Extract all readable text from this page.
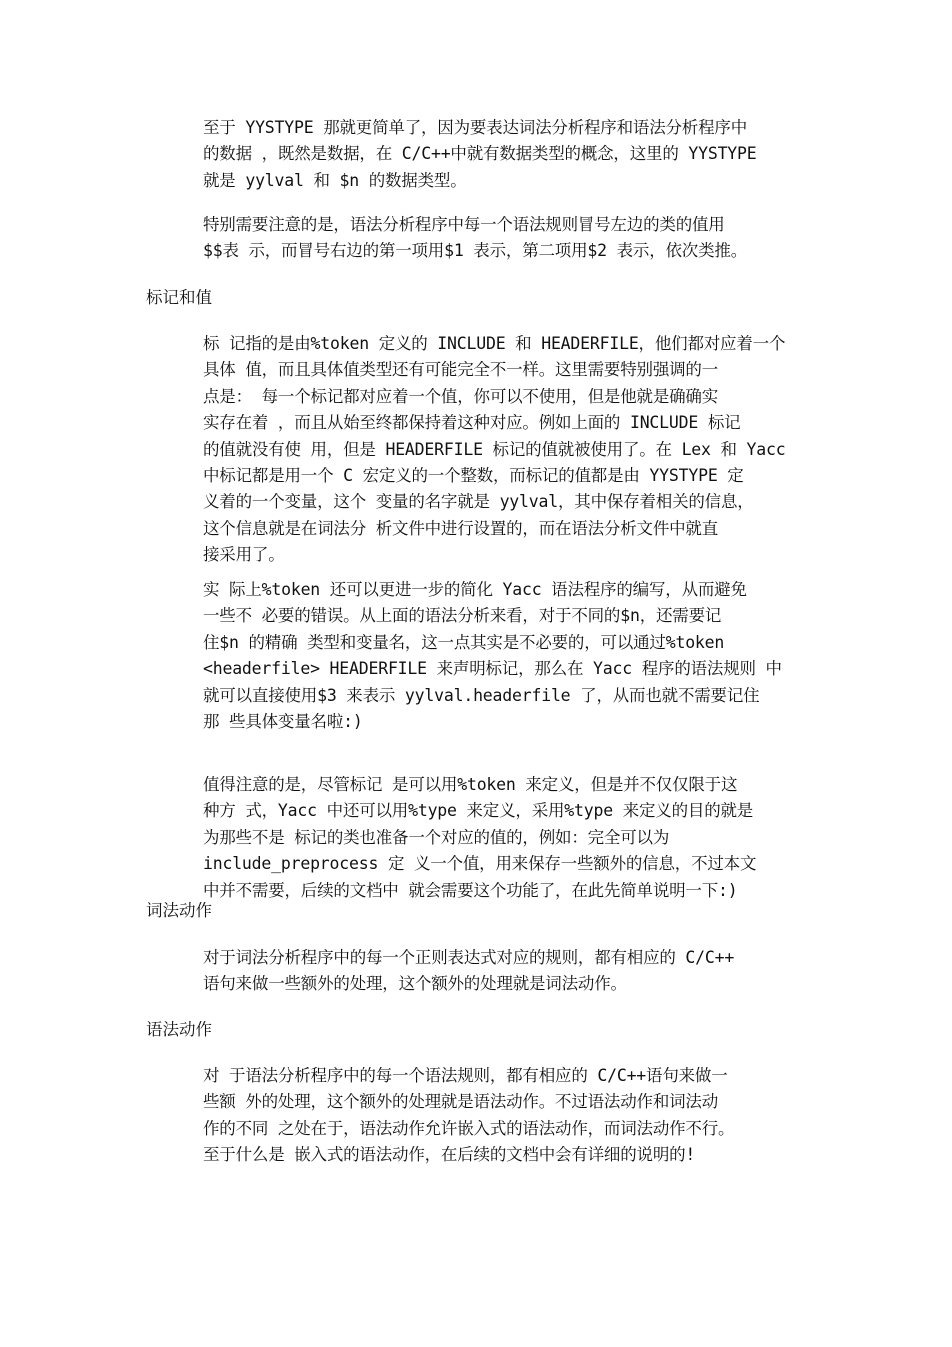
至于 YYSTYPE 那就更简单了，因为要表达词法分析程序和语法分析程序中
的数据 ，既然是数据，在 C/C++中就有数据类型的概念，这里的 YYSTYPE
就是 yylval 和 $n 的数据类型。
特别需要注意的是，语法分析程序中每一个语法规则冒号左边的类的值用
$$表 示，而冒号右边的第一项用$1 表示，第二项用$2 表示，依次类推。
标记和值
标 记指的是由%token 定义的 INCLUDE 和 HEADERFILE，他们都对应着一个
具体 值，而且具体值类型还有可能完全不一样。这里需要特别强调的一
点是： 每一个标记都对应着一个值，你可以不使用，但是他就是确确实
实存在着 ，而且从始至终都保持着这种对应。例如上面的 INCLUDE 标记
的值就没有使 用，但是 HEADERFILE 标记的值就被使用了。在 Lex 和 Yacc
中标记都是用一个 C 宏定义的一个整数，而标记的值都是由 YYSTYPE 定
义着的一个变量，这个 变量的名字就是 yylval，其中保存着相关的信息，
这个信息就是在词法分 析文件中进行设置的，而在语法分析文件中就直
接采用了。
实 际上%token 还可以更进一步的简化 Yacc 语法程序的编写，从而避免
一些不 必要的错误。从上面的语法分析来看，对于不同的$n，还需要记
住$n 的精确 类型和变量名，这一点其实是不必要的，可以通过%token
<headerfile> HEADERFILE 来声明标记，那么在 Yacc 程序的语法规则 中
就可以直接使用$3 来表示 yylval.headerfile 了，从而也就不需要记住
那 些具体变量名啦:)
值得注意的是，尽管标记 是可以用%token 来定义，但是并不仅仅限于这
种方 式，Yacc 中还可以用%type 来定义，采用%type 来定义的目的就是
为那些不是 标记的类也准备一个对应的值的，例如：完全可以为
include_preprocess 定 义一个值，用来保存一些额外的信息，不过本文
中并不需要，后续的文档中 就会需要这个功能了，在此先简单说明一下:)
词法动作
对于词法分析程序中的每一个正则表达式对应的规则，都有相应的 C/C++
语句来做一些额外的处理，这个额外的处理就是词法动作。
语法动作
对 于语法分析程序中的每一个语法规则，都有相应的 C/C++语句来做一
些额 外的处理，这个额外的处理就是语法动作。不过语法动作和词法动
作的不同 之处在于，语法动作允许嵌入式的语法动作，而词法动作不行。
至于什么是 嵌入式的语法动作，在后续的文档中会有详细的说明的!
